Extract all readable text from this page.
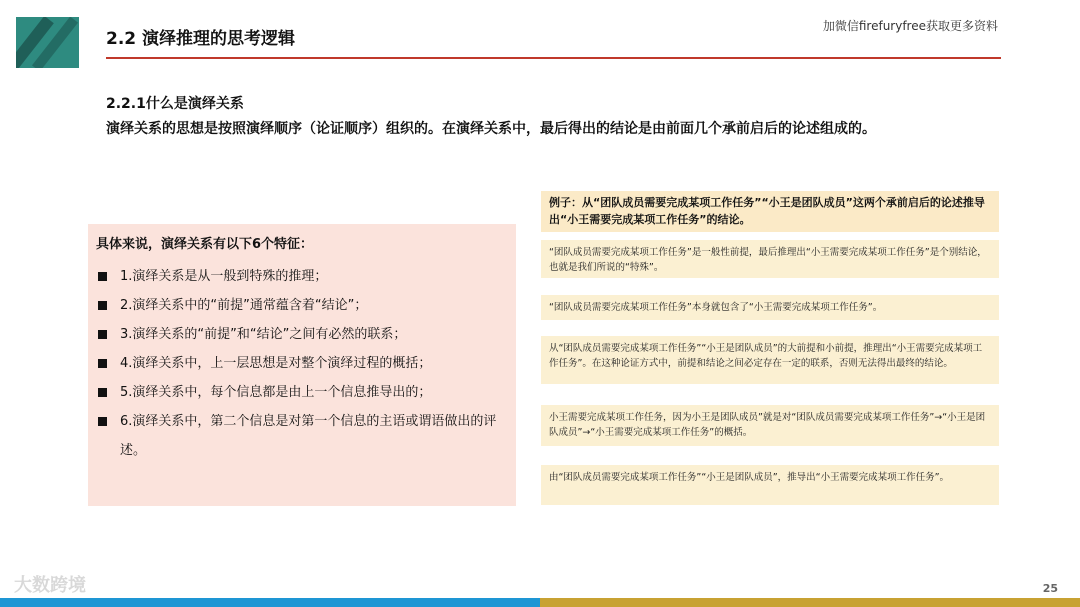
2.2 演绎推理的思考逻辑
加微信firefuryfree获取更多资料
2.2.1什么是演绎关系
演绎关系的思想是按照演绎顺序（论证顺序）组织的。在演绎关系中，最后得出的结论是由前面几个承前启后的论述组成的。
具体来说，演绎关系有以下6个特征：
1.演绎关系是从一般到特殊的推理；
2.演绎关系中的“前提”通常蕴含着“结论”；
3.演绎关系的“前提”和“结论”之间有必然的联系；
4.演绎关系中，上一层思想是对整个演绎过程的概括；
5.演绎关系中，每个信息都是由上一个信息推导出的；
6.演绎关系中，第二个信息是对第一个信息的主语或谓语做出的评述。
例子：从“团队成员需要完成某项工作任务”“小王是团队成员”这两个承前启后的论述推导出“小王需要完成某项工作任务”的结论。
“团队成员需要完成某项工作任务”是一般性前提，最后推理出“小王需要完成某项工作任务”是个别结论，也就是我们所说的“特殊”。
“团队成员需要完成某项工作任务”本身就包含了“小王需要完成某项工作任务”。
从“团队成员需要完成某项工作任务”“小王是团队成员”的大前提和小前提，推理出“小王需要完成某项工作任务”。在这种论证方式中，前提和结论之间必定存在一定的联系，否则无法得出最终的结论。
小王需要完成某项工作任务，因为小王是团队成员”就是对“团队成员需要完成某项工作任务”→“小王是团队成员”→“小王需要完成某项工作任务”的概括。
由“团队成员需要完成某项工作任务”“小王是团队成员”，推导出“小王需要完成某项工作任务”。
大数跨境	25
